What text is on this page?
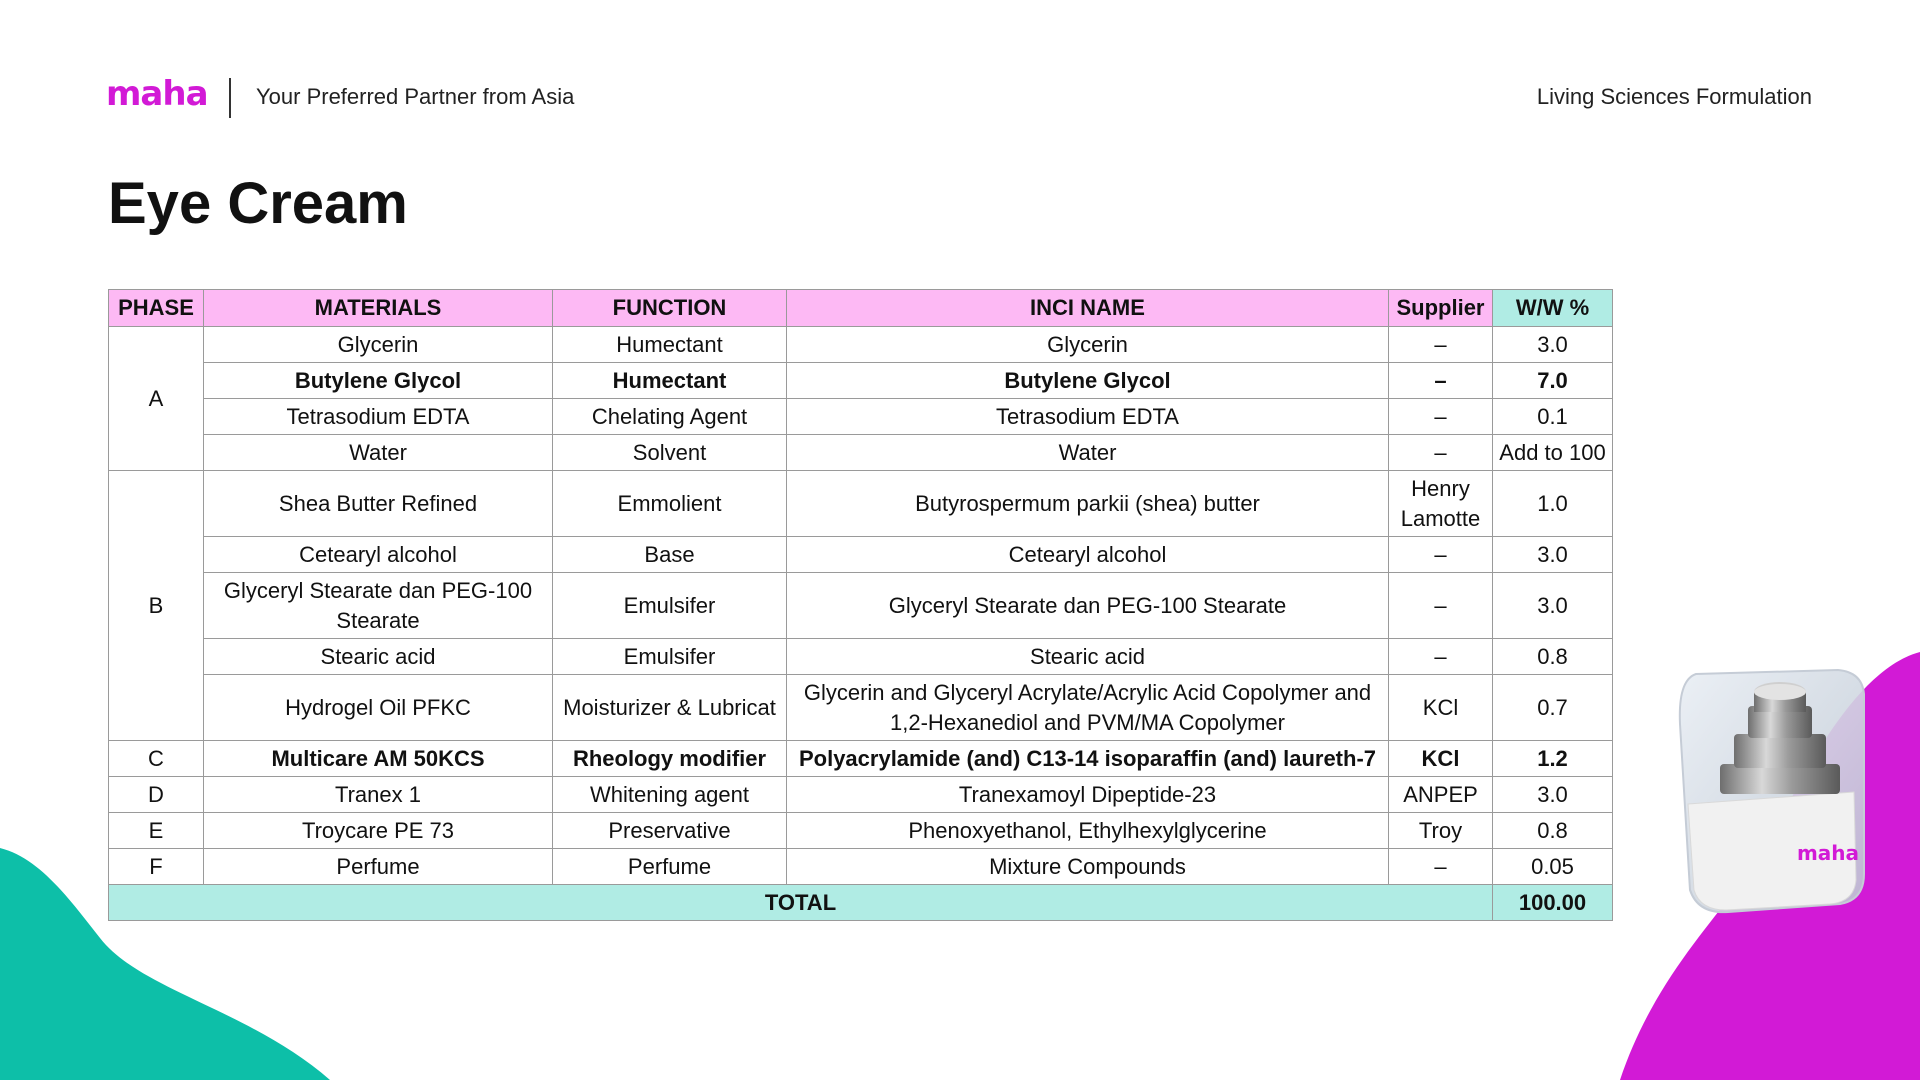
maha Your Preferred Partner from Asia	Living Sciences Formulation
Eye Cream
PHASE	MATERIALS	FUNCTION	INCI NAME	Supplier	W/W %
A	Glycerin	Humectant	Glycerin	–	3.0
	Butylene Glycol	Humectant	Butylene Glycol	–	7.0
	Tetrasodium EDTA	Chelating Agent	Tetrasodium EDTA	–	0.1
	Water	Solvent	Water	–	Add to 100
B	Shea Butter Refined	Emmolient	Butyrospermum parkii (shea) butter	Henry Lamotte	1.0
	Cetearyl alcohol	Base	Cetearyl alcohol	–	3.0
	Glyceryl Stearate dan PEG-100 Stearate	Emulsifer	Glyceryl Stearate dan PEG-100 Stearate	–	3.0
	Stearic acid	Emulsifer	Stearic acid	–	0.8
	Hydrogel Oil PFKC	Moisturizer & Lubricat	Glycerin and Glyceryl Acrylate/Acrylic Acid Copolymer and 1,2-Hexanediol and PVM/MA Copolymer	KCl	0.7
C	Multicare AM 50KCS	Rheology modifier	Polyacrylamide (and) C13-14 isoparaffin (and) laureth-7	KCl	1.2
D	Tranex 1	Whitening agent	Tranexamoyl Dipeptide-23	ANPEP	3.0
E	Troycare PE 73	Preservative	Phenoxyethanol, Ethylhexylglycerine	Troy	0.8
F	Perfume	Perfume	Mixture Compounds	–	0.05
TOTAL					100.00
maha
